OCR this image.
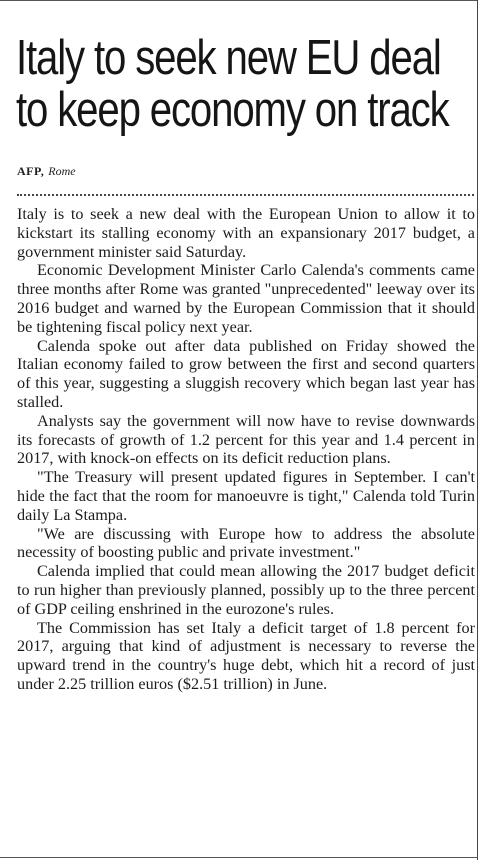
Italy to seek new EU deal
to keep economy on track
AFP, Rome

Italy is to seek a new deal with the European Union to allow it to kickstart its stalling economy with an expansionary 2017 budget, a government minister said Saturday.

Economic Development Minister Carlo Calenda's comments came three months after Rome was granted "unprecedented" leeway over its 2016 budget and warned by the European Commission that it should be tightening fiscal policy next year.

Calenda spoke out after data published on Friday showed the Italian economy failed to grow between the first and second quarters of this year, suggesting a sluggish recovery which began last year has stalled.

Analysts say the government will now have to revise downwards its forecasts of growth of 1.2 percent for this year and 1.4 percent in 2017, with knock-on effects on its deficit reduction plans.

"The Treasury will present updated figures in September. I can't hide the fact that the room for manoeuvre is tight," Calenda told Turin daily La Stampa.

"We are discussing with Europe how to address the absolute necessity of boosting public and private investment."

Calenda implied that could mean allowing the 2017 budget deficit to run higher than previously planned, possibly up to the three percent of GDP ceiling enshrined in the eurozone's rules.

The Commission has set Italy a deficit target of 1.8 percent for 2017, arguing that kind of adjustment is necessary to reverse the upward trend in the country's huge debt, which hit a record of just under 2.25 trillion euros ($2.51 trillion) in June.
